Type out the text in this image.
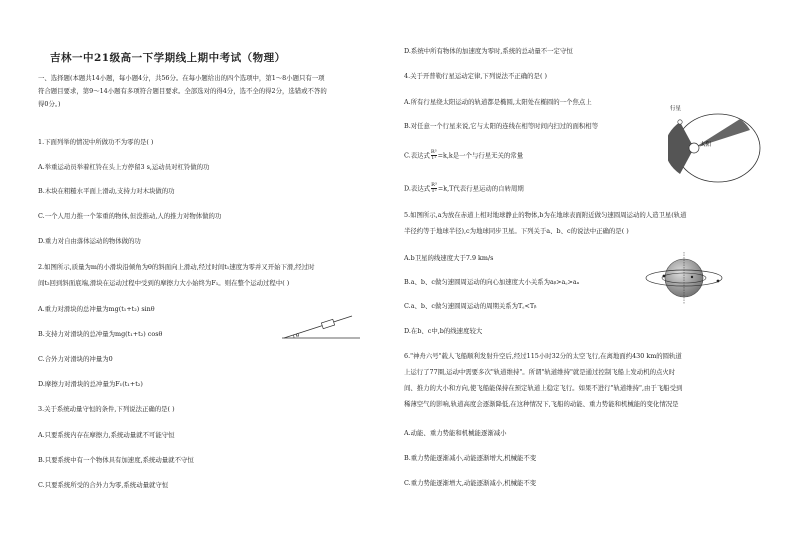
吉林一中21级高一下学期线上期中考试（物理）
一、选择题(本题共14小题，每小题4分，共56分。在每小题给出的四个选项中，第1～8小题只有一项
符合题目要求，第9～14小题有多项符合题目要求。全部选对的得4分，选不全的得2分，选错或不答的
得0分。)
1.下面列举的情况中所做功不为零的是( )
A.举重运动员举着杠铃在头上方停留3 s,运动员对杠铃做的功
B.木块在粗糙水平面上滑动,支持力对木块做的功
C.一个人用力推一个笨重的物体,但没推动,人的推力对物体做的功
D.重力对自由落体运动的物体做的功
2.如图所示,质量为m的小滑块沿倾角为θ的斜面向上滑动,经过时间t₁速度为零并又开始下滑,经过时
间t₂回到斜面底端,滑块在运动过程中受到的摩擦力大小始终为F₁。则在整个运动过程中( )
A.重力对滑块的总冲量为mg(t₁+t₂) sinθ
B.支持力对滑块的总冲量为mg(t₁+t₂) cosθ
C.合外力对滑块的冲量为0
D.摩擦力对滑块的总冲量为F₁(t₁+t₂)
θ
3.关于系统动量守恒的条件,下列说法正确的是( )
A.只要系统内存在摩擦力,系统动量就不可能守恒
B.只要系统中有一个物体具有加速度,系统动量就不守恒
C.只要系统所受的合外力为零,系统动量就守恒
D.系统中所有物体的加速度为零时,系统的总动量不一定守恒
4.关于开普勒行星运动定律,下列说法不正确的是( )
A.所有行星绕太阳运动的轨道都是椭圆,太阳处在椭圆的一个焦点上
B.对任意一个行星来说,它与太阳的连线在相等时间内扫过的面积相等
C.表达式 $\frac{\text{R³}}{\text{T²}} =k,k$是一个与行星无关的常量
D.表达式 $\frac{\text{R³}}{\text{T²}} =k,T$代表行星运动的自转周期
行星
太阳
5.如图所示,a为放在赤道上相对地球静止的物体,b为在地球表面附近做匀速圆周运动的人造卫星(轨道
半径约等于地球半径),c为地球同步卫星。下列关于a、b、c的说法中正确的是( )
A.b卫星的线速度大于7.9 km/s
B.a、b、c做匀速圆周运动的向心加速度大小关系为aᵦ>a꜀>aₐ
C.a、b、c做匀速圆周运动的周期关系为T꜀<Tᵦ
D.在b、c中,b的线速度较大
6."神舟六号"载人飞船顺利发射升空后,经过115小时32分的太空飞行,在离地面约430 km的圆轨道
上运行了77圈,运动中需要多次"轨道维持"。所谓"轨道维持"就是通过控制飞船上发动机的点火时
间、推力的大小和方向,使飞船能保持在预定轨道上稳定飞行。如果不进行"轨道维持",由于飞船受到
稀薄空气的影响,轨道高度会逐渐降低,在这种情况下,飞船的动能、重力势能和机械能的变化情况是
A.动能、重力势能和机械能逐渐减小
B.重力势能逐渐减小,动能逐渐增大,机械能不变
C.重力势能逐渐增大,动能逐渐减小,机械能不变
